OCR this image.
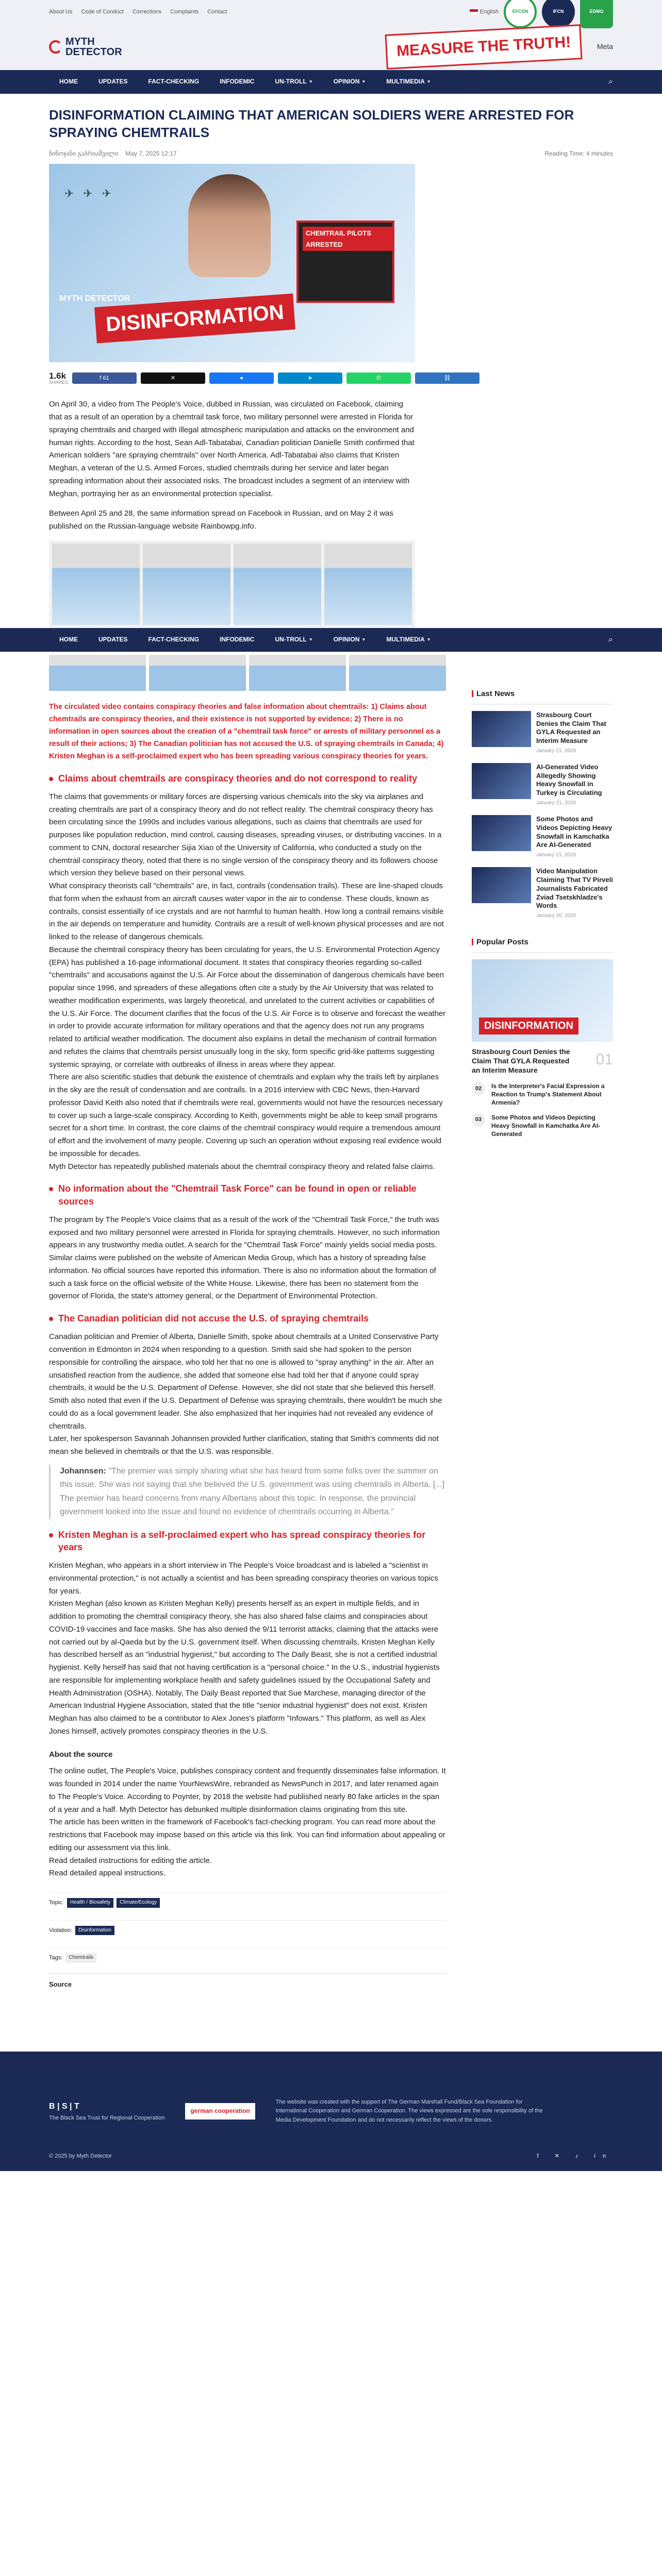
About Us Code of Conduct Corrections Complaints Contact	English	EFCSN	IFCN	EDMO
MYTH
DETECTOR	MEASURE THE TRUTH!	Meta
HOME	UPDATES	FACT-CHECKING	INFODEMIC	UN-TROLL ▼	OPINION ▼	MULTIMEDIA ▼	⌕
DISINFORMATION CLAIMING THAT AMERICAN SOLDIERS WERE ARRESTED FOR SPRAYING CHEMTRAILS
ნინოჯანი გაბრიაშვილი May 7, 2025 12:17	Reading Time: 4 minutes
✈✈✈
CHEMTRAIL PILOTS ARRESTED
MYTH DETECTOR
DISINFORMATION
1.6k
SHARES
f 61	✕	●	➤	✆	⛓

On April 30, a video from The People's Voice, dubbed in Russian, was circulated on Facebook, claiming that as a result of an operation by a chemtrail task force, two military personnel were arrested in Florida for spraying chemtrails and charged with illegal atmospheric manipulation and attacks on the environment and human rights. According to the host, Sean Adl-Tabatabai, Canadian politician Danielle Smith confirmed that American soldiers "are spraying chemtrails" over North America. Adl-Tabatabai also claims that Kristen Meghan, a veteran of the U.S. Armed Forces, studied chemtrails during her service and later began spreading information about their associated risks. The broadcast includes a segment of an interview with Meghan, portraying her as an environmental protection specialist.

Between April 25 and 28, the same information spread on Facebook in Russian, and on May 2 it was published on the Russian-language website Rainbowpg.info.

HOME	UPDATES	FACT-CHECKING	INFODEMIC	UN-TROLL ▼	OPINION ▼	MULTIMEDIA ▼	⌕

The circulated video contains conspiracy theories and false information about chemtrails: 1) Claims about chemtrails are conspiracy theories, and their existence is not supported by evidence; 2) There is no information in open sources about the creation of a "chemtrail task force" or arrests of military personnel as a result of their actions; 3) The Canadian politician has not accused the U.S. of spraying chemtrails in Canada; 4) Kristen Meghan is a self-proclaimed expert who has been spreading various conspiracy theories for years.

Claims about chemtrails are conspiracy theories and do not correspond to reality

The claims that governments or military forces are dispersing various chemicals into the sky via airplanes and creating chemtrails are part of a conspiracy theory and do not reflect reality. The chemtrail conspiracy theory has been circulating since the 1990s and includes various allegations, such as claims that chemtrails are used for purposes like population reduction, mind control, causing diseases, spreading viruses, or distributing vaccines. In a comment to CNN, doctoral researcher Sijia Xiao of the University of California, who conducted a study on the chemtrail conspiracy theory, noted that there is no single version of the conspiracy theory and its followers choose which version they believe based on their personal views.

What conspiracy theorists call "chemtrails" are, in fact, contrails (condensation trails). These are line-shaped clouds that form when the exhaust from an aircraft causes water vapor in the air to condense. These clouds, known as contrails, consist essentially of ice crystals and are not harmful to human health. How long a contrail remains visible in the air depends on temperature and humidity. Contrails are a result of well-known physical processes and are not linked to the release of dangerous chemicals.

Because the chemtrail conspiracy theory has been circulating for years, the U.S. Environmental Protection Agency (EPA) has published a 16-page informational document. It states that conspiracy theories regarding so-called "chemtrails" and accusations against the U.S. Air Force about the dissemination of dangerous chemicals have been popular since 1996, and spreaders of these allegations often cite a study by the Air University that was related to weather modification experiments, was largely theoretical, and unrelated to the current activities or capabilities of the U.S. Air Force. The document clarifies that the focus of the U.S. Air Force is to observe and forecast the weather in order to provide accurate information for military operations and that the agency does not run any programs related to artificial weather modification. The document also explains in detail the mechanism of contrail formation and refutes the claims that chemtrails persist unusually long in the sky, form specific grid-like patterns suggesting systemic spraying, or correlate with outbreaks of illness in areas where they appear.

There are also scientific studies that debunk the existence of chemtrails and explain why the trails left by airplanes in the sky are the result of condensation and are contrails. In a 2016 interview with CBC News, then-Harvard professor David Keith also noted that if chemtrails were real, governments would not have the resources necessary to cover up such a large-scale conspiracy. According to Keith, governments might be able to keep small programs secret for a short time. In contrast, the core claims of the chemtrail conspiracy would require a tremendous amount of effort and the involvement of many people. Covering up such an operation without exposing real evidence would be impossible for decades.

Myth Detector has repeatedly published materials about the chemtrail conspiracy theory and related false claims.

No information about the "Chemtrail Task Force" can be found in open or reliable sources

The program by The People's Voice claims that as a result of the work of the "Chemtrail Task Force," the truth was exposed and two military personnel were arrested in Florida for spraying chemtrails. However, no such information appears in any trustworthy media outlet. A search for the "Chemtrail Task Force" mainly yields social media posts. Similar claims were published on the website of American Media Group, which has a history of spreading false information. No official sources have reported this information. There is also no information about the formation of such a task force on the official website of the White House. Likewise, there has been no statement from the governor of Florida, the state's attorney general, or the Department of Environmental Protection.

The Canadian politician did not accuse the U.S. of spraying chemtrails

Canadian politician and Premier of Alberta, Danielle Smith, spoke about chemtrails at a United Conservative Party convention in Edmonton in 2024 when responding to a question. Smith said she had spoken to the person responsible for controlling the airspace, who told her that no one is allowed to "spray anything" in the air. After an unsatisfied reaction from the audience, she added that someone else had told her that if anyone could spray chemtrails, it would be the U.S. Department of Defense. However, she did not state that she believed this herself. Smith also noted that even if the U.S. Department of Defense was spraying chemtrails, there wouldn't be much she could do as a local government leader. She also emphasized that her inquiries had not revealed any evidence of chemtrails.

Later, her spokesperson Savannah Johannsen provided further clarification, stating that Smith's comments did not mean she believed in chemtrails or that the U.S. was responsible.

Johannsen: "The premier was simply sharing what she has heard from some folks over the summer on this issue. She was not saying that she believed the U.S. government was using chemtrails in Alberta. [...] The premier has heard concerns from many Albertans about this topic. In response, the provincial government looked into the issue and found no evidence of chemtrails occurring in Alberta."
Kristen Meghan is a self-proclaimed expert who has spread conspiracy theories for years

Kristen Meghan, who appears in a short interview in The People's Voice broadcast and is labeled a "scientist in environmental protection," is not actually a scientist and has been spreading conspiracy theories on various topics for years.

Kristen Meghan (also known as Kristen Meghan Kelly) presents herself as an expert in multiple fields, and in addition to promoting the chemtrail conspiracy theory, she has also shared false claims and conspiracies about COVID-19 vaccines and face masks. She has also denied the 9/11 terrorist attacks, claiming that the attacks were not carried out by al-Qaeda but by the U.S. government itself. When discussing chemtrails, Kristen Meghan Kelly has described herself as an "industrial hygienist," but according to The Daily Beast, she is not a certified industrial hygienist. Kelly herself has said that not having certification is a "personal choice." In the U.S., industrial hygienists are responsible for implementing workplace health and safety guidelines issued by the Occupational Safety and Health Administration (OSHA). Notably, The Daily Beast reported that Sue Marchese, managing director of the American Industrial Hygiene Association, stated that the title "senior industrial hygienist" does not exist. Kristen Meghan has also claimed to be a contributor to Alex Jones's platform "Infowars." This platform, as well as Alex Jones himself, actively promotes conspiracy theories in the U.S.

About the source

The online outlet, The People's Voice, publishes conspiracy content and frequently disseminates false information. It was founded in 2014 under the name YourNewsWire, rebranded as NewsPunch in 2017, and later renamed again to The People's Voice. According to Poynter, by 2018 the website had published nearly 80 fake articles in the span of a year and a half. Myth Detector has debunked multiple disinformation claims originating from this site.

The article has been written in the framework of Facebook's fact-checking program. You can read more about the restrictions that Facebook may impose based on this article via this link. You can find information about appealing or editing our assessment via this link.

Read detailed instructions for editing the article.

Read detailed appeal instructions.

Topic:	Health / Biosafety	Climate/Ecology
Violation:	Disinformation
Tags:	Chemtrails
Source
Last News
Strasbourg Court Denies the Claim That GYLA Requested an Interim Measure
January 21, 2026
AI-Generated Video Allegedly Showing Heavy Snowfall in Turkey is Circulating
January 21, 2026
Some Photos and Videos Depicting Heavy Snowfall in Kamchatka Are AI-Generated
January 21, 2026
Video Manipulation Claiming That TV Pirveli Journalists Fabricated Zviad Tsetskhladze's Words
January 20, 2026
Popular Posts
DISINFORMATION
Strasbourg Court Denies the Claim That GYLA Requested an Interim Measure
01
02	Is the Interpreter's Facial Expression a Reaction to Trump's Statement About Armenia?
03	Some Photos and Videos Depicting Heavy Snowfall in Kamchatka Are AI-Generated
B | S | T
The Black Sea Trust for Regional Cooperation
german cooperation
The website was created with the support of The German Marshall Fund/Black Sea Foundation for International Cooperation and German Cooperation. The views expressed are the sole responsibility of the Media Development Foundation and do not necessarily reflect the views of the donors.
© 2025 by Myth Detector	f ✕ ♪ in
